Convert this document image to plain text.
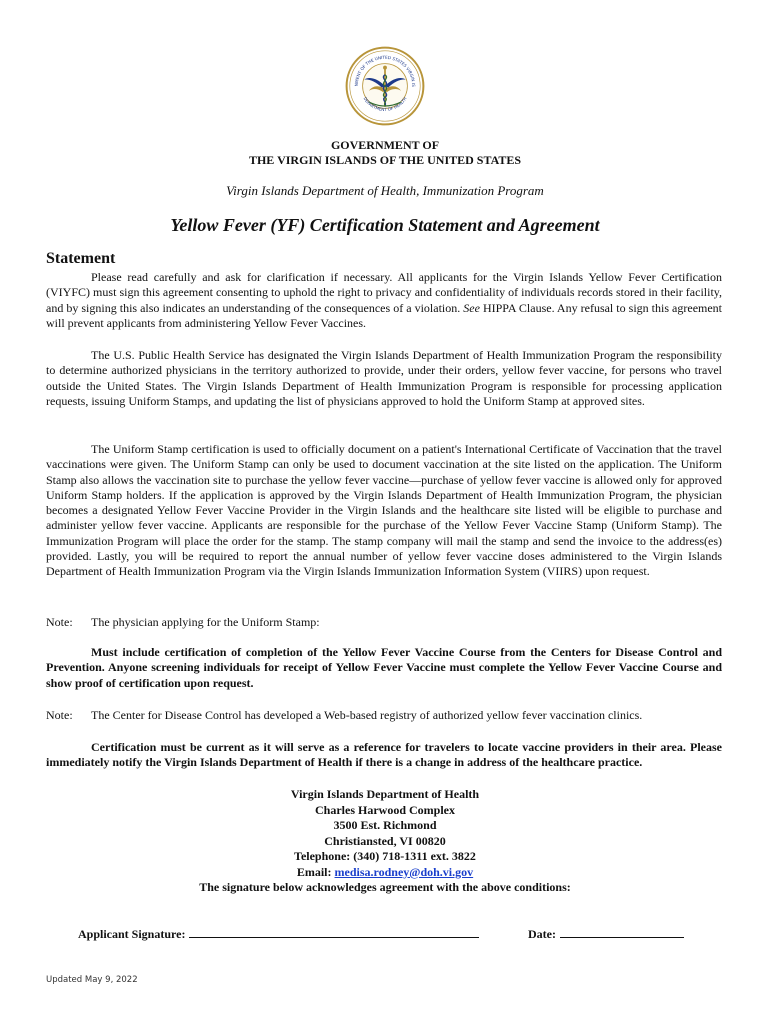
NMENT OF THE UNITED STATES VIRGIN IS
DEPARTMENT OF HEALTH
GOVERNMENT OF
THE VIRGIN ISLANDS OF THE UNITED STATES
Virgin Islands Department of Health, Immunization Program
Yellow Fever (YF) Certification Statement and Agreement
Statement

Please read carefully and ask for clarification if necessary. All applicants for the Virgin Islands Yellow Fever Certification (VIYFC) must sign this agreement consenting to uphold the right to privacy and confidentiality of individuals records stored in their facility, and by signing this also indicates an understanding of the consequences of a violation. See HIPPA Clause. Any refusal to sign this agreement will prevent applicants from administering Yellow Fever Vaccines.

The U.S. Public Health Service has designated the Virgin Islands Department of Health Immunization Program the responsibility to determine authorized physicians in the territory authorized to provide, under their orders, yellow fever vaccine, for persons who travel outside the United States. The Virgin Islands Department of Health Immunization Program is responsible for processing application requests, issuing Uniform Stamps, and updating the list of physicians approved to hold the Uniform Stamp at approved sites.

The Uniform Stamp certification is used to officially document on a patient's International Certificate of Vaccination that the travel vaccinations were given. The Uniform Stamp can only be used to document vaccination at the site listed on the application. The Uniform Stamp also allows the vaccination site to purchase the yellow fever vaccine—purchase of yellow fever vaccine is allowed only for approved Uniform Stamp holders. If the application is approved by the Virgin Islands Department of Health Immunization Program, the physician becomes a designated Yellow Fever Vaccine Provider in the Virgin Islands and the healthcare site listed will be eligible to purchase and administer yellow fever vaccine. Applicants are responsible for the purchase of the Yellow Fever Vaccine Stamp (Uniform Stamp). The Immunization Program will place the order for the stamp. The stamp company will mail the stamp and send the invoice to the address(es) provided. Lastly, you will be required to report the annual number of yellow fever vaccine doses administered to the Virgin Islands Department of Health Immunization Program via the Virgin Islands Immunization Information System (VIIRS) upon request.

Note: The physician applying for the Uniform Stamp:

Must include certification of completion of the Yellow Fever Vaccine Course from the Centers for Disease Control and Prevention. Anyone screening individuals for receipt of Yellow Fever Vaccine must complete the Yellow Fever Vaccine Course and show proof of certification upon request.

Note: The Center for Disease Control has developed a Web-based registry of authorized yellow fever vaccination clinics.

Certification must be current as it will serve as a reference for travelers to locate vaccine providers in their area. Please immediately notify the Virgin Islands Department of Health if there is a change in address of the healthcare practice.

Virgin Islands Department of Health
Charles Harwood Complex
3500 Est. Richmond
Christiansted, VI 00820
Telephone: (340) 718-1311 ext. 3822
Email: medisa.rodney@doh.vi.gov
The signature below acknowledges agreement with the above conditions:
Applicant Signature:	Date:
Updated May 9, 2022
